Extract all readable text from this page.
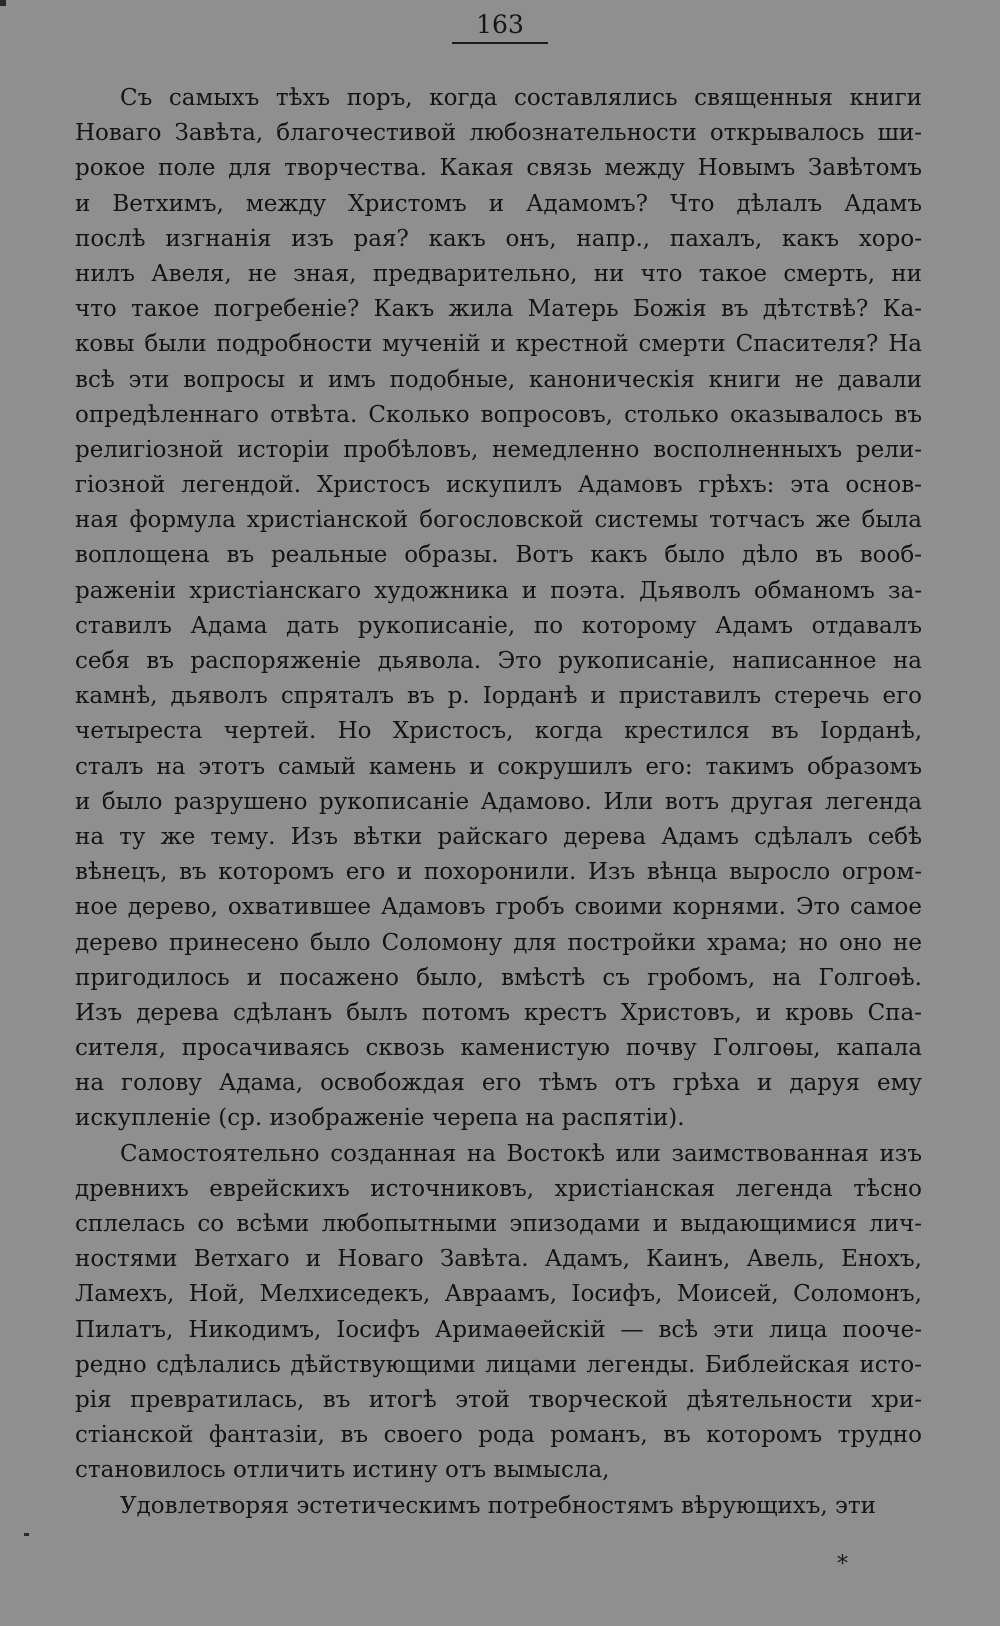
163
Съ самыхъ тѣхъ поръ, когда составлялись священныя книги
Новаго Завѣта, благочестивой любознательности открывалось ши-
рокое поле для творчества. Какая связь между Новымъ Завѣтомъ
и Ветхимъ, между Христомъ и Адамомъ? Что дѣлалъ Адамъ
послѣ изгнанія изъ рая? какъ онъ, напр., пахалъ, какъ хоро-
нилъ Авеля, не зная, предварительно, ни что такое смерть, ни
что такое погребеніе? Какъ жила Матерь Божія въ дѣтствѣ? Ка-
ковы были подробности мученій и крестной смерти Спасителя? На
всѣ эти вопросы и имъ подобные, каноническія книги не давали
опредѣленнаго отвѣта. Сколько вопросовъ, столько оказывалось въ
религіозной исторіи пробѣловъ, немедленно восполненныхъ рели-
гіозной легендой. Христосъ искупилъ Адамовъ грѣхъ: эта основ-
ная формула христіанской богословской системы тотчасъ же была
воплощена въ реальные образы. Вотъ какъ было дѣло въ вооб-
раженіи христіанскаго художника и поэта. Дьяволъ обманомъ за-
ставилъ Адама дать рукописаніе, по которому Адамъ отдавалъ
себя въ распоряженіе дьявола. Это рукописаніе, написанное на
камнѣ, дьяволъ спряталъ въ р. Іорданѣ и приставилъ стеречь его
четыреста чертей. Но Христосъ, когда крестился въ Іорданѣ,
сталъ на этотъ самый камень и сокрушилъ его: такимъ образомъ
и было разрушено рукописаніе Адамово. Или вотъ другая легенда
на ту же тему. Изъ вѣтки райскаго дерева Адамъ сдѣлалъ себѣ
вѣнецъ, въ которомъ его и похоронили. Изъ вѣнца выросло огром-
ное дерево, охватившее Адамовъ гробъ своими корнями. Это самое
дерево принесено было Соломону для постройки храма; но оно не
пригодилось и посажено было, вмѣстѣ съ гробомъ, на Голгоѳѣ.
Изъ дерева сдѣланъ былъ потомъ крестъ Христовъ, и кровь Спа-
сителя, просачиваясь сквозь каменистую почву Голгоѳы, капала
на голову Адама, освобождая его тѣмъ отъ грѣха и даруя ему
искупленіе (ср. изображеніе черепа на распятіи).
Самостоятельно созданная на Востокѣ или заимствованная изъ
древнихъ еврейскихъ источниковъ, христіанская легенда тѣсно
сплелась со всѣми любопытными эпизодами и выдающимися лич-
ностями Ветхаго и Новаго Завѣта. Адамъ, Каинъ, Авель, Енохъ,
Ламехъ, Ной, Мелхиседекъ, Авраамъ, Іосифъ, Моисей, Соломонъ,
Пилатъ, Никодимъ, Іосифъ Аримаѳейскій — всѣ эти лица пооче-
редно сдѣлались дѣйствующими лицами легенды. Библейская исто-
рія превратилась, въ итогѣ этой творческой дѣятельности хри-
стіанской фантазіи, въ своего рода романъ, въ которомъ трудно
становилось отличить истину отъ вымысла,
Удовлетворяя эстетическимъ потребностямъ вѣрующихъ, эти
*
